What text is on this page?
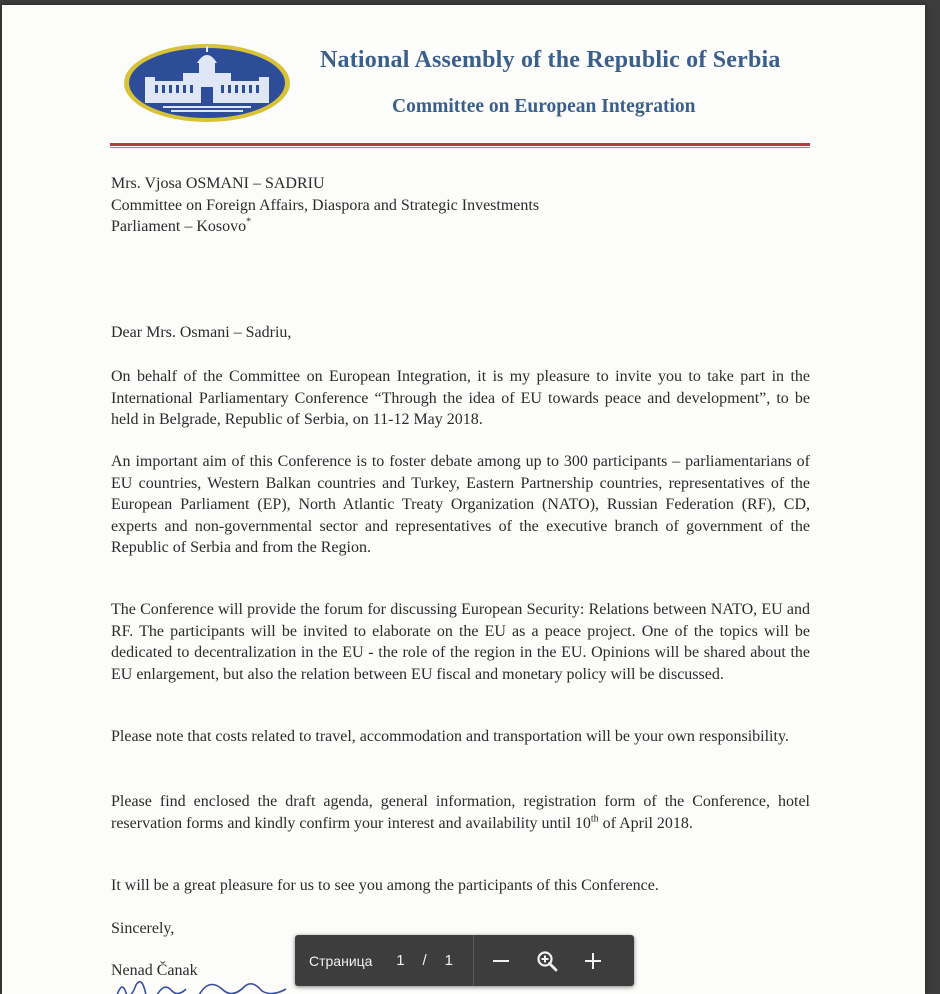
National Assembly of the Republic of Serbia
Committee on European Integration
Mrs. Vjosa OSMANI – SADRIU
Committee on Foreign Affairs, Diaspora and Strategic Investments
Parliament – Kosovo*
Dear Mrs. Osmani – Sadriu,
On behalf of the Committee on European Integration, it is my pleasure to invite you to take part in the International Parliamentary Conference “Through the idea of EU towards peace and development”, to be held in Belgrade, Republic of Serbia, on 11-12 May 2018.
An important aim of this Conference is to foster debate among up to 300 participants – parliamentarians of EU countries, Western Balkan countries and Turkey, Eastern Partnership countries, representatives of the European Parliament (EP), North Atlantic Treaty Organization (NATO), Russian Federation (RF), CD, experts and non-governmental sector and representatives of the executive branch of government of the Republic of Serbia and from the Region.
The Conference will provide the forum for discussing European Security: Relations between NATO, EU and RF. The participants will be invited to elaborate on the EU as a peace project. One of the topics will be dedicated to decentralization in the EU - the role of the region in the EU. Opinions will be shared about the EU enlargement, but also the relation between EU fiscal and monetary policy will be discussed.
Please note that costs related to travel, accommodation and transportation will be your own responsibility.
Please find enclosed the draft agenda, general information, registration form of the Conference, hotel reservation forms and kindly confirm your interest and availability until 10th of April 2018.
It will be a great pleasure for us to see you among the participants of this Conference.
Sincerely,
Nenad Čanak
Страница 1 / 1
